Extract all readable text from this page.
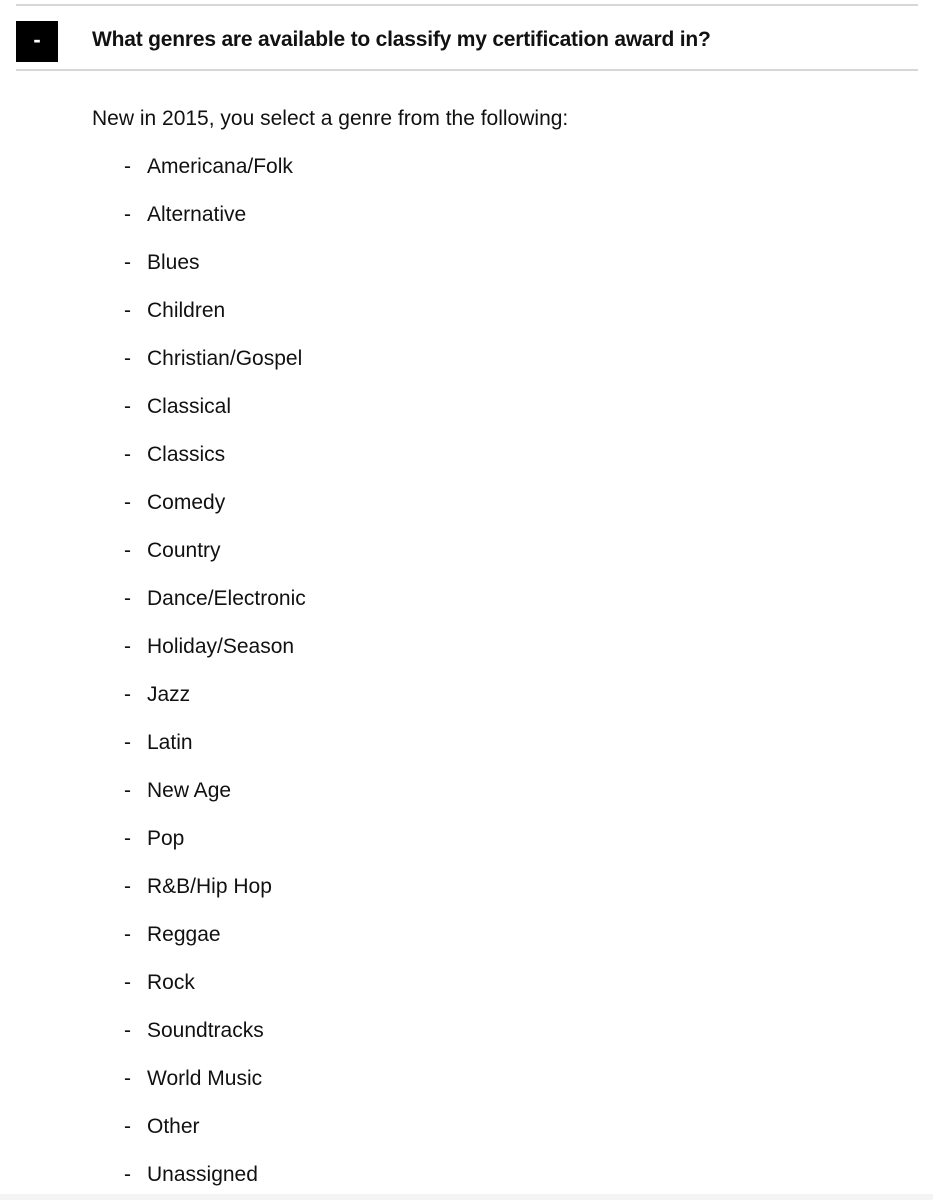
-	What genres are available to classify my certification award in?

New in 2015, you select a genre from the following:

- Americana/Folk
- Alternative
- Blues
- Children
- Christian/Gospel
- Classical
- Classics
- Comedy
- Country
- Dance/Electronic
- Holiday/Season
- Jazz
- Latin
- New Age
- Pop
- R&B/Hip Hop
- Reggae
- Rock
- Soundtracks
- World Music
- Other
- Unassigned
